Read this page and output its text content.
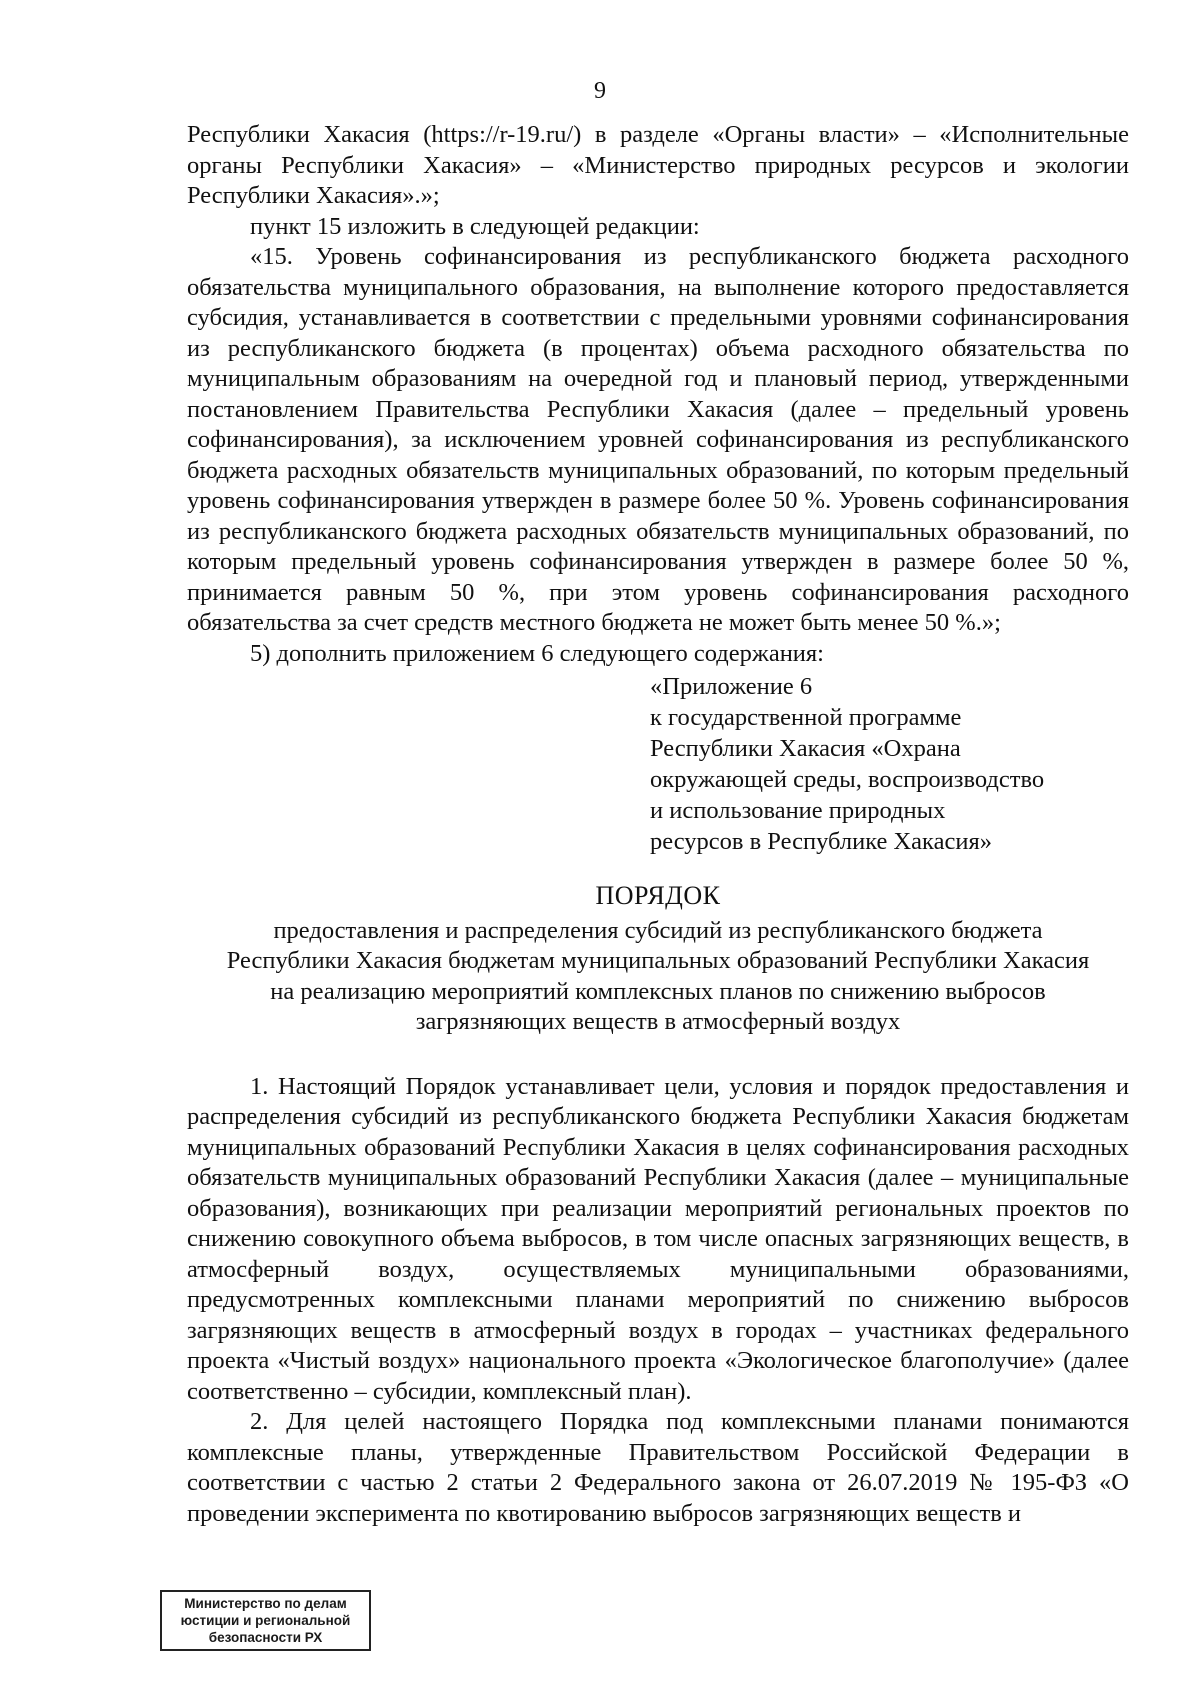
9

Республики Хакасия (https://r-19.ru/) в разделе «Органы власти» – «Исполнительные органы Республики Хакасия» – «Министерство природных ресурсов и экологии Республики Хакасия».»;

пункт 15 изложить в следующей редакции:

«15. Уровень софинансирования из республиканского бюджета расходного обязательства муниципального образования, на выполнение которого предоставляется субсидия, устанавливается в соответствии с предельными уровнями софинансирования из республиканского бюджета (в процентах) объема расходного обязательства по муниципальным образованиям на очередной год и плановый период, утвержденными постановлением Правительства Республики Хакасия (далее – предельный уровень софинансирования), за исключением уровней софинансирования из республиканского бюджета расходных обязательств муниципальных образований, по которым предельный уровень софинансирования утвержден в размере более 50 %. Уровень софинансирования из республиканского бюджета расходных обязательств муниципальных образований, по которым предельный уровень софинансирования утвержден в размере более 50 %, принимается равным 50 %, при этом уровень софинансирования расходного обязательства за счет средств местного бюджета не может быть менее 50 %.»;

5) дополнить приложением 6 следующего содержания:

«Приложение 6
к государственной программе
Республики Хакасия «Охрана
окружающей среды, воспроизводство
и использование природных
ресурсов в Республике Хакасия»
ПОРЯДОК
предоставления и распределения субсидий из республиканского бюджета
Республики Хакасия бюджетам муниципальных образований Республики Хакасия
на реализацию мероприятий комплексных планов по снижению выбросов
загрязняющих веществ в атмосферный воздух

1. Настоящий Порядок устанавливает цели, условия и порядок предоставления и распределения субсидий из республиканского бюджета Республики Хакасия бюджетам муниципальных образований Республики Хакасия в целях софинансирования расходных обязательств муниципальных образований Республики Хакасия (далее – муниципальные образования), возникающих при реализации мероприятий региональных проектов по снижению совокупного объема выбросов, в том числе опасных загрязняющих веществ, в атмосферный воздух, осуществляемых муниципальными образованиями, предусмотренных комплексными планами мероприятий по снижению выбросов загрязняющих веществ в атмосферный воздух в городах – участниках федерального проекта «Чистый воздух» национального проекта «Экологическое благополучие» (далее соответственно – субсидии, комплексный план).

2. Для целей настоящего Порядка под комплексными планами понимаются комплексные планы, утвержденные Правительством Российской Федерации в соответствии с частью 2 статьи 2 Федерального закона от 26.07.2019 № 195-ФЗ «О проведении эксперимента по квотированию выбросов загрязняющих веществ и

Министерство по делам
юстиции и региональной
безопасности РХ
